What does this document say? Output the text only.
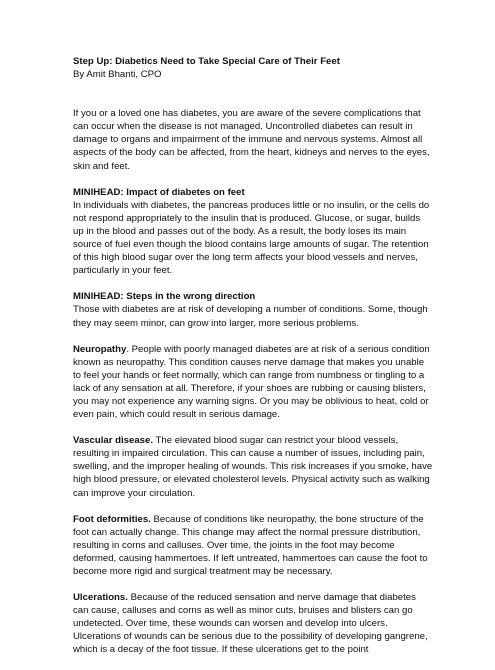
Step Up: Diabetics Need to Take Special Care of Their Feet

By Amit Bhanti, CPO

If you or a loved one has diabetes, you are aware of the severe complications that can occur when the disease is not managed. Uncontrolled diabetes can result in damage to organs and impairment of the immune and nervous systems. Almost all aspects of the body can be affected, from the heart, kidneys and nerves to the eyes, skin and feet.

MINIHEAD: Impact of diabetes on feet

In individuals with diabetes, the pancreas produces little or no insulin, or the cells do not respond appropriately to the insulin that is produced. Glucose, or sugar, builds up in the blood and passes out of the body. As a result, the body loses its main source of fuel even though the blood contains large amounts of sugar. The retention of this high blood sugar over the long term affects your blood vessels and nerves, particularly in your feet.

MINIHEAD: Steps in the wrong direction

Those with diabetes are at risk of developing a number of conditions. Some, though they may seem minor, can grow into larger, more serious problems.

Neuropathy. People with poorly managed diabetes are at risk of a serious condition known as neuropathy. This condition causes nerve damage that makes you unable to feel your hands or feet normally, which can range from numbness or tingling to a lack of any sensation at all. Therefore, if your shoes are rubbing or causing blisters, you may not experience any warning signs. Or you may be oblivious to heat, cold or even pain, which could result in serious damage.

Vascular disease. The elevated blood sugar can restrict your blood vessels, resulting in impaired circulation. This can cause a number of issues, including pain, swelling, and the improper healing of wounds. This risk increases if you smoke, have high blood pressure, or elevated cholesterol levels. Physical activity such as walking can improve your circulation.

Foot deformities. Because of conditions like neuropathy, the bone structure of the foot can actually change. This change may affect the normal pressure distribution, resulting in corns and calluses. Over time, the joints in the foot may become deformed, causing hammertoes. If left untreated, hammertoes can cause the foot to become more rigid and surgical treatment may be necessary.

Ulcerations. Because of the reduced sensation and nerve damage that diabetes can cause, calluses and corns as well as minor cuts, bruises and blisters can go undetected. Over time, these wounds can worsen and develop into ulcers. Ulcerations of wounds can be serious due to the possibility of developing gangrene, which is a decay of the foot tissue. If these ulcerations get to the point
